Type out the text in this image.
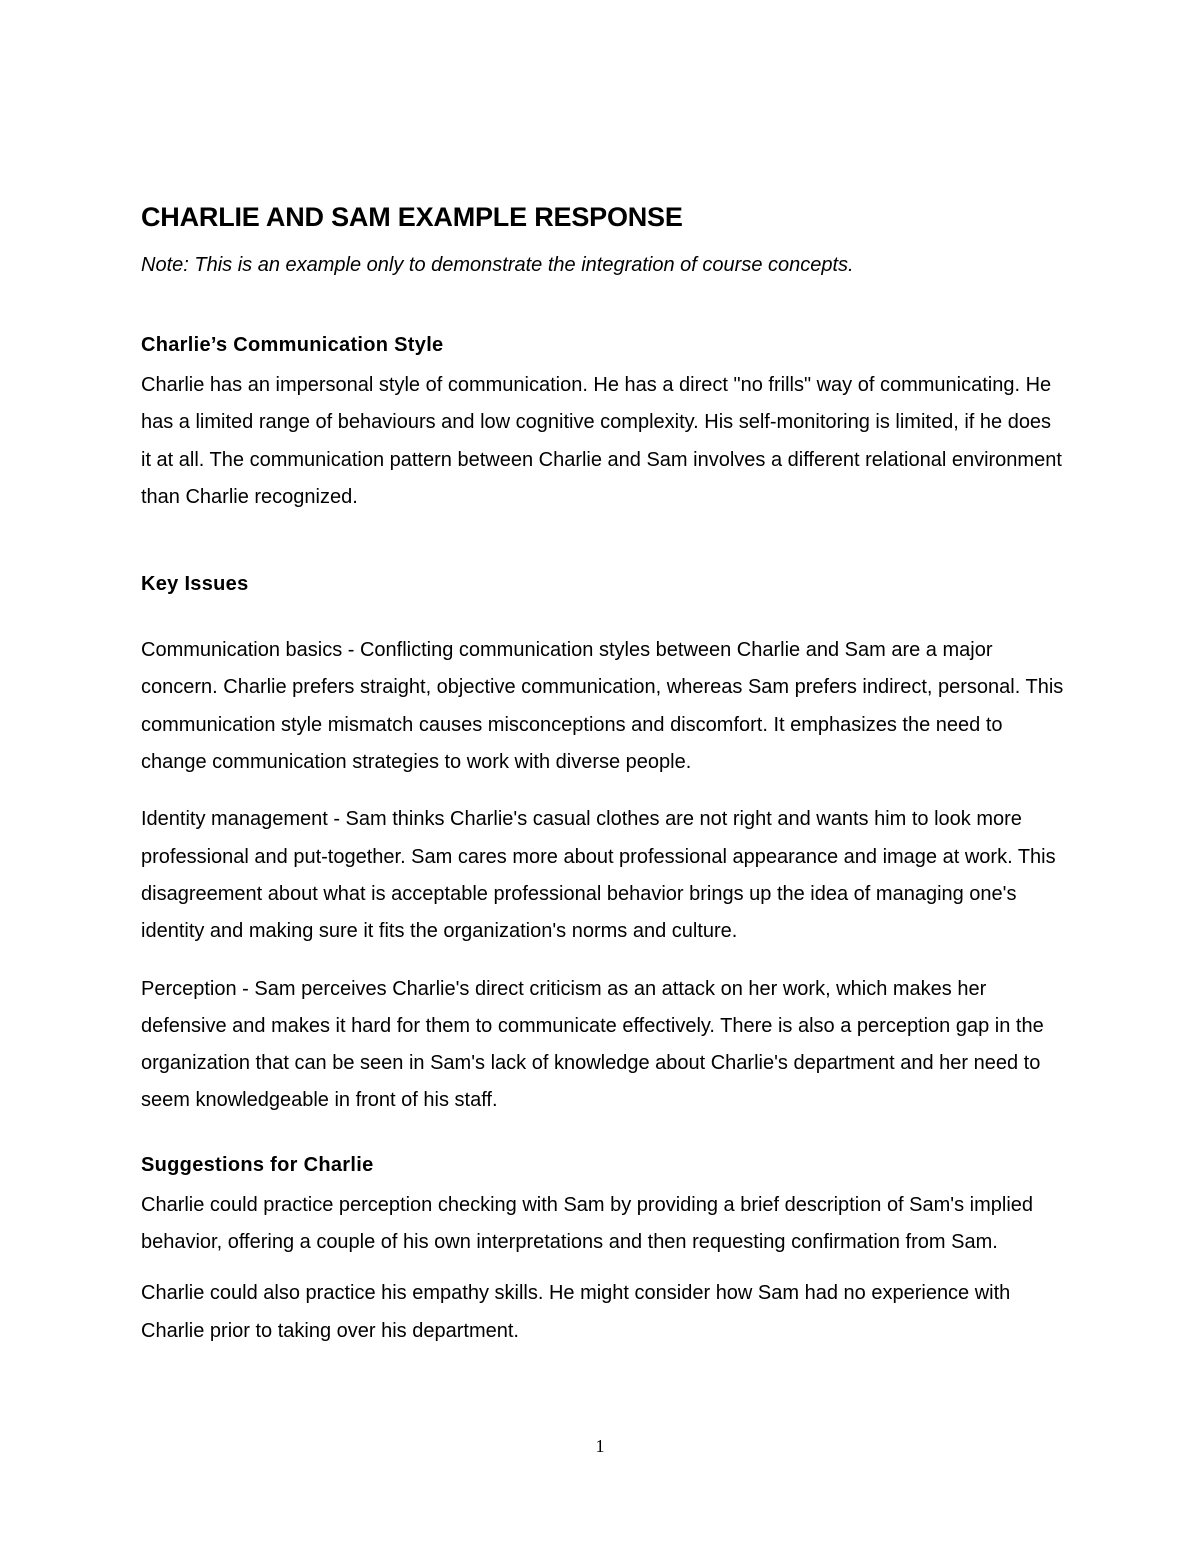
CHARLIE AND SAM EXAMPLE RESPONSE

Note: This is an example only to demonstrate the integration of course concepts.

Charlie’s Communication Style

Charlie has an impersonal style of communication. He has a direct "no frills" way of communicating. He has a limited range of behaviours and low cognitive complexity. His self-monitoring is limited, if he does it at all. The communication pattern between Charlie and Sam involves a different relational environment than Charlie recognized.

Key Issues

Communication basics - Conflicting communication styles between Charlie and Sam are a major concern. Charlie prefers straight, objective communication, whereas Sam prefers indirect, personal. This communication style mismatch causes misconceptions and discomfort. It emphasizes the need to change communication strategies to work with diverse people.

Identity management - Sam thinks Charlie's casual clothes are not right and wants him to look more professional and put-together. Sam cares more about professional appearance and image at work. This disagreement about what is acceptable professional behavior brings up the idea of managing one's identity and making sure it fits the organization's norms and culture.

Perception - Sam perceives Charlie's direct criticism as an attack on her work, which makes her defensive and makes it hard for them to communicate effectively. There is also a perception gap in the organization that can be seen in Sam's lack of knowledge about Charlie's department and her need to seem knowledgeable in front of his staff.

Suggestions for Charlie

Charlie could practice perception checking with Sam by providing a brief description of Sam's implied behavior, offering a couple of his own interpretations and then requesting confirmation from Sam.

Charlie could also practice his empathy skills. He might consider how Sam had no experience with Charlie prior to taking over his department.

1
